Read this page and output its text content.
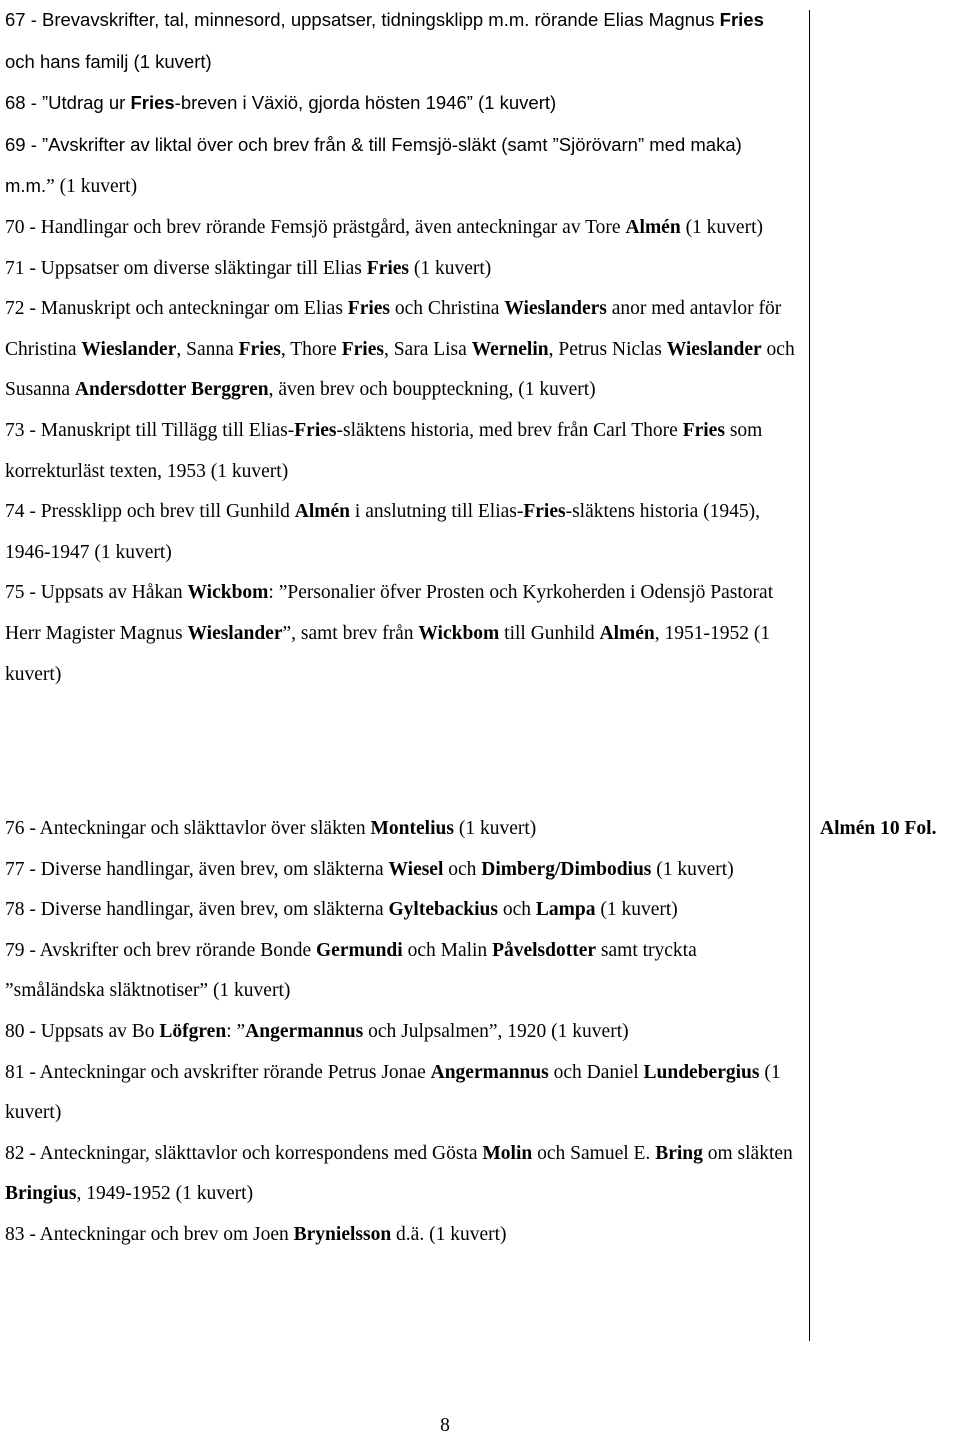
67 - Brevavskrifter, tal, minnesord, uppsatser, tidningsklipp m.m. rörande Elias Magnus Fries och hans familj (1 kuvert)

68 - ”Utdrag ur Fries-breven i Växiö, gjorda hösten 1946” (1 kuvert)

69 - ”Avskrifter av liktal över och brev från & till Femsjö-släkt (samt ”Sjörövarn” med maka) m.m.” (1 kuvert)

70 - Handlingar och brev rörande Femsjö prästgård, även anteckningar av Tore Almén (1 kuvert)

71 - Uppsatser om diverse släktingar till Elias Fries (1 kuvert)

72 - Manuskript och anteckningar om Elias Fries och Christina Wieslanders anor med antavlor för Christina Wieslander, Sanna Fries, Thore Fries, Sara Lisa Wernelin, Petrus Niclas Wieslander och Susanna Andersdotter Berggren, även brev och bouppteckning, (1 kuvert)

73 - Manuskript till Tillägg till Elias-Fries-släktens historia, med brev från Carl Thore Fries som korrekturläst texten, 1953 (1 kuvert)

74 - Pressklipp och brev till Gunhild Almén i anslutning till Elias-Fries-släktens historia (1945), 1946-1947 (1 kuvert)

75 - Uppsats av Håkan Wickbom: ”Personalier öfver Prosten och Kyrkoherden i Odensjö Pastorat Herr Magister Magnus Wieslander”, samt brev från Wickbom till Gunhild Almén, 1951-1952 (1 kuvert)

76 - Anteckningar och släkttavlor över släkten Montelius (1 kuvert)

77 - Diverse handlingar, även brev, om släkterna Wiesel och Dimberg/Dimbodius (1 kuvert)

78 - Diverse handlingar, även brev, om släkterna Gyltebackius och Lampa (1 kuvert)

79 - Avskrifter och brev rörande Bonde Germundi och Malin Påvelsdotter samt tryckta ”småländska släktnotiser” (1 kuvert)

80 - Uppsats av Bo Löfgren: ”Angermannus och Julpsalmen”, 1920 (1 kuvert)

81 - Anteckningar och avskrifter rörande Petrus Jonae Angermannus och Daniel Lundebergius (1 kuvert)

82 - Anteckningar, släkttavlor och korrespondens med Gösta Molin och Samuel E. Bring om släkten Bringius, 1949-1952 (1 kuvert)

83 - Anteckningar och brev om Joen Brynielsson d.ä. (1 kuvert)

Almén 10 Fol.
8
